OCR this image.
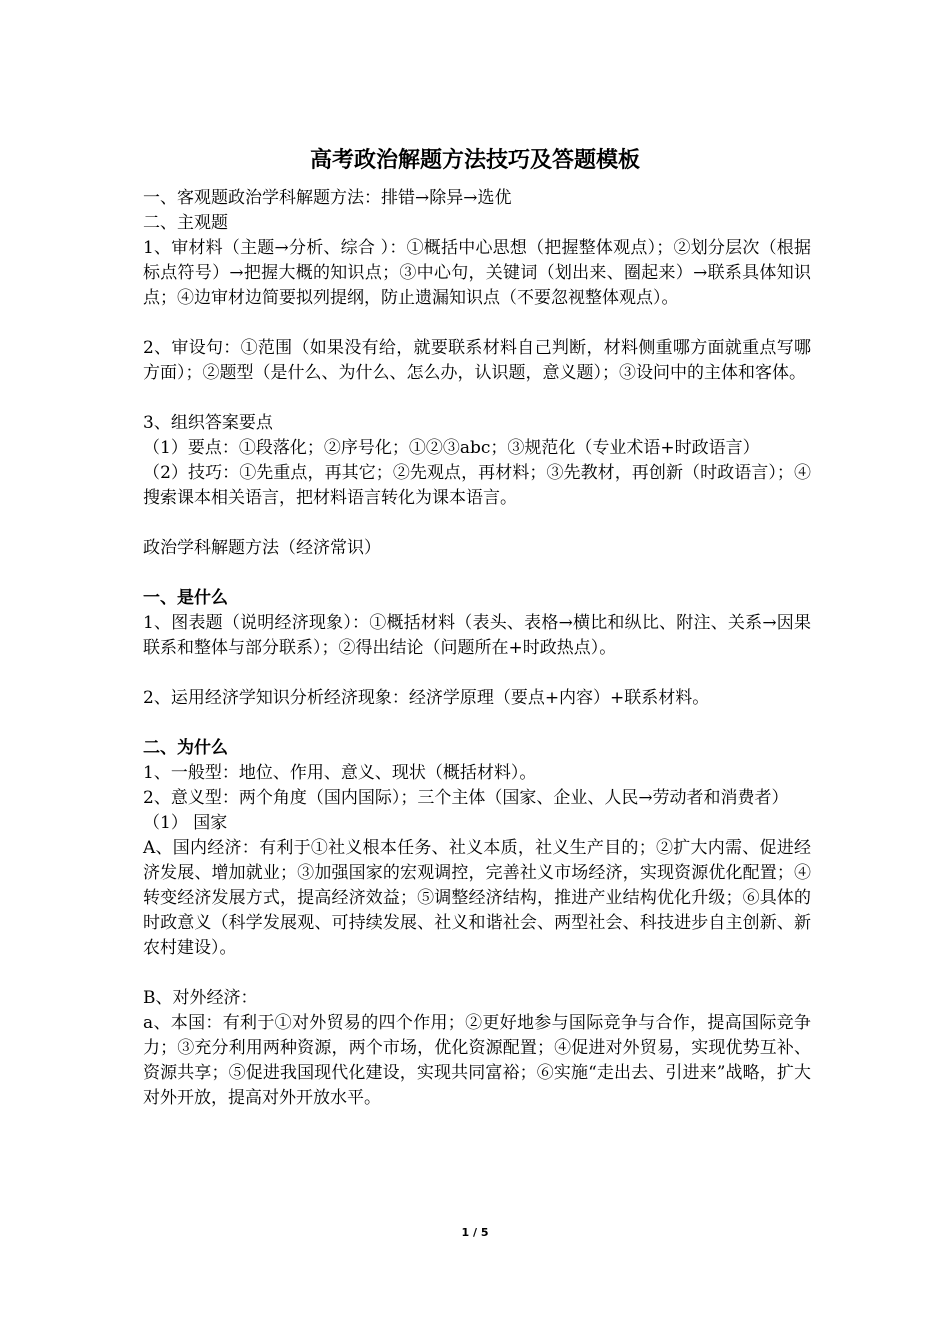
高考政治解题方法技巧及答题模板

一、客观题政治学科解题方法：排错→除异→选优

二、主观题

1、审材料（主题→分析、综合 ）：①概括中心思想（把握整体观点）；②划分层次（根据标点符号）→把握大概的知识点；③中心句，关键词（划出来、圈起来）→联系具体知识点；④边审材边简要拟列提纲，防止遗漏知识点（不要忽视整体观点）。

2、审设句：①范围（如果没有给，就要联系材料自己判断，材料侧重哪方面就重点写哪方面）；②题型（是什么、为什么、怎么办，认识题，意义题）；③设问中的主体和客体。

3、组织答案要点

（1）要点：①段落化；②序号化；①②③abc；③规范化（专业术语+时政语言）

（2）技巧：①先重点，再其它；②先观点，再材料；③先教材，再创新（时政语言）；④搜索课本相关语言，把材料语言转化为课本语言。

政治学科解题方法（经济常识）

一、是什么

1、图表题（说明经济现象）：①概括材料（表头、表格→横比和纵比、附注、关系→因果联系和整体与部分联系）；②得出结论（问题所在+时政热点）。

2、运用经济学知识分析经济现象：经济学原理（要点+内容）+联系材料。

二、为什么

1、一般型：地位、作用、意义、现状（概括材料）。

2、意义型：两个角度（国内国际）；三个主体（国家、企业、人民→劳动者和消费者）

（1） 国家

A、国内经济：有利于①社义根本任务、社义本质，社义生产目的；②扩大内需、促进经济发展、增加就业；③加强国家的宏观调控，完善社义市场经济，实现资源优化配置；④转变经济发展方式，提高经济效益；⑤调整经济结构，推进产业结构优化升级；⑥具体的时政意义（科学发展观、可持续发展、社义和谐社会、两型社会、科技进步自主创新、新农村建设）。

B、对外经济：

a、本国：有利于①对外贸易的四个作用；②更好地参与国际竞争与合作，提高国际竞争力；③充分利用两种资源，两个市场，优化资源配置；④促进对外贸易，实现优势互补、资源共享；⑤促进我国现代化建设，实现共同富裕；⑥实施“走出去、引进来”战略，扩大对外开放，提高对外开放水平。

1 / 5
